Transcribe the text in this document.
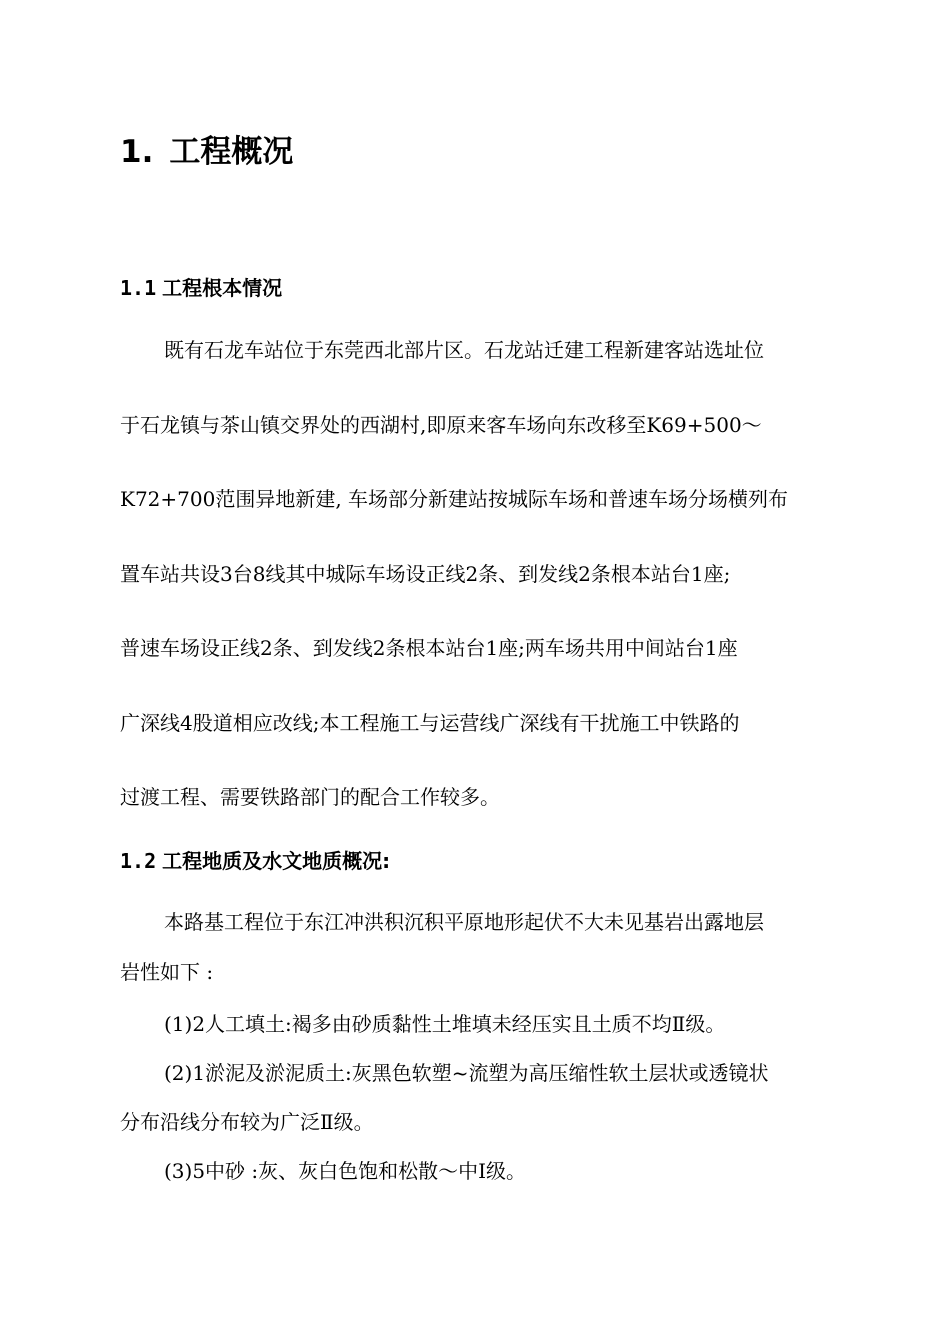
1. 工程概况
1.1 工程根本情况
既有石龙车站位于东莞西北部片区。石龙站迁建工程新建客站选址位
于石龙镇与茶山镇交界处的西湖村,即原来客车场向东改移至K69+500～
K72+700范围异地新建, 车场部分新建站按城际车场和普速车场分场横列布
置车站共设3台8线其中城际车场设正线2条、到发线2条根本站台1座;
普速车场设正线2条、到发线2条根本站台1座;两车场共用中间站台1座
广深线4股道相应改线;本工程施工与运营线广深线有干扰施工中铁路的
过渡工程、需要铁路部门的配合工作较多。
1.2 工程地质及水文地质概况:
本路基工程位于东江冲洪积沉积平原地形起伏不大未见基岩出露地层
岩性如下 :
(1)2人工填土:褐多由砂质黏性土堆填未经压实且土质不均Ⅱ级。
(2)1淤泥及淤泥质土:灰黑色软塑~流塑为高压缩性软土层状或透镜状
分布沿线分布较为广泛Ⅱ级。
(3)5中砂 :灰、灰白色饱和松散～中Ⅰ级。
